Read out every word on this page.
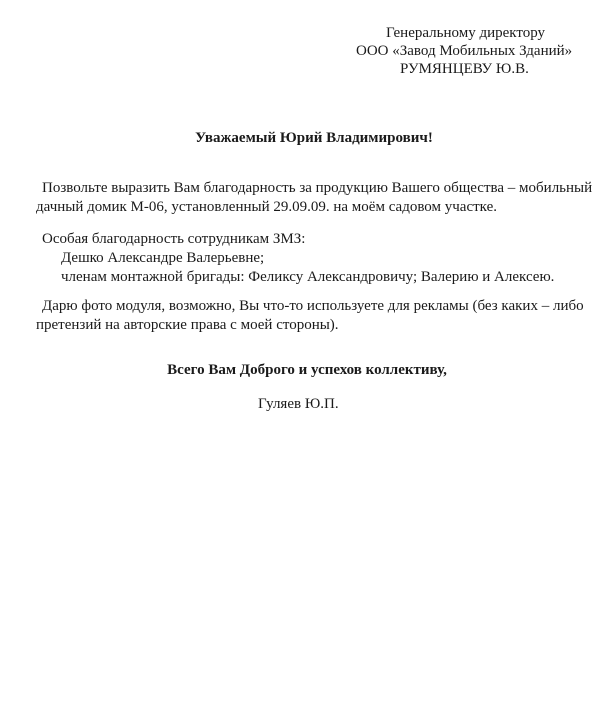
Генеральному директору
ООО «Завод Мобильных Зданий»
РУМЯНЦЕВУ Ю.В.
Уважаемый Юрий Владимирович!
Позвольте выразить Вам благодарность за продукцию Вашего общества – мобильный
дачный домик М-06, установленный 29.09.09. на моём садовом участке.
Особая благодарность сотрудникам ЗМЗ:
Дешко Александре Валерьевне;
членам монтажной бригады: Феликсу Александровичу; Валерию и Алексею.
Дарю фото модуля, возможно, Вы что-то используете для рекламы (без каких – либо
претензий на авторские права с моей стороны).
Всего Вам Доброго и успехов коллективу,
Гуляев Ю.П.
